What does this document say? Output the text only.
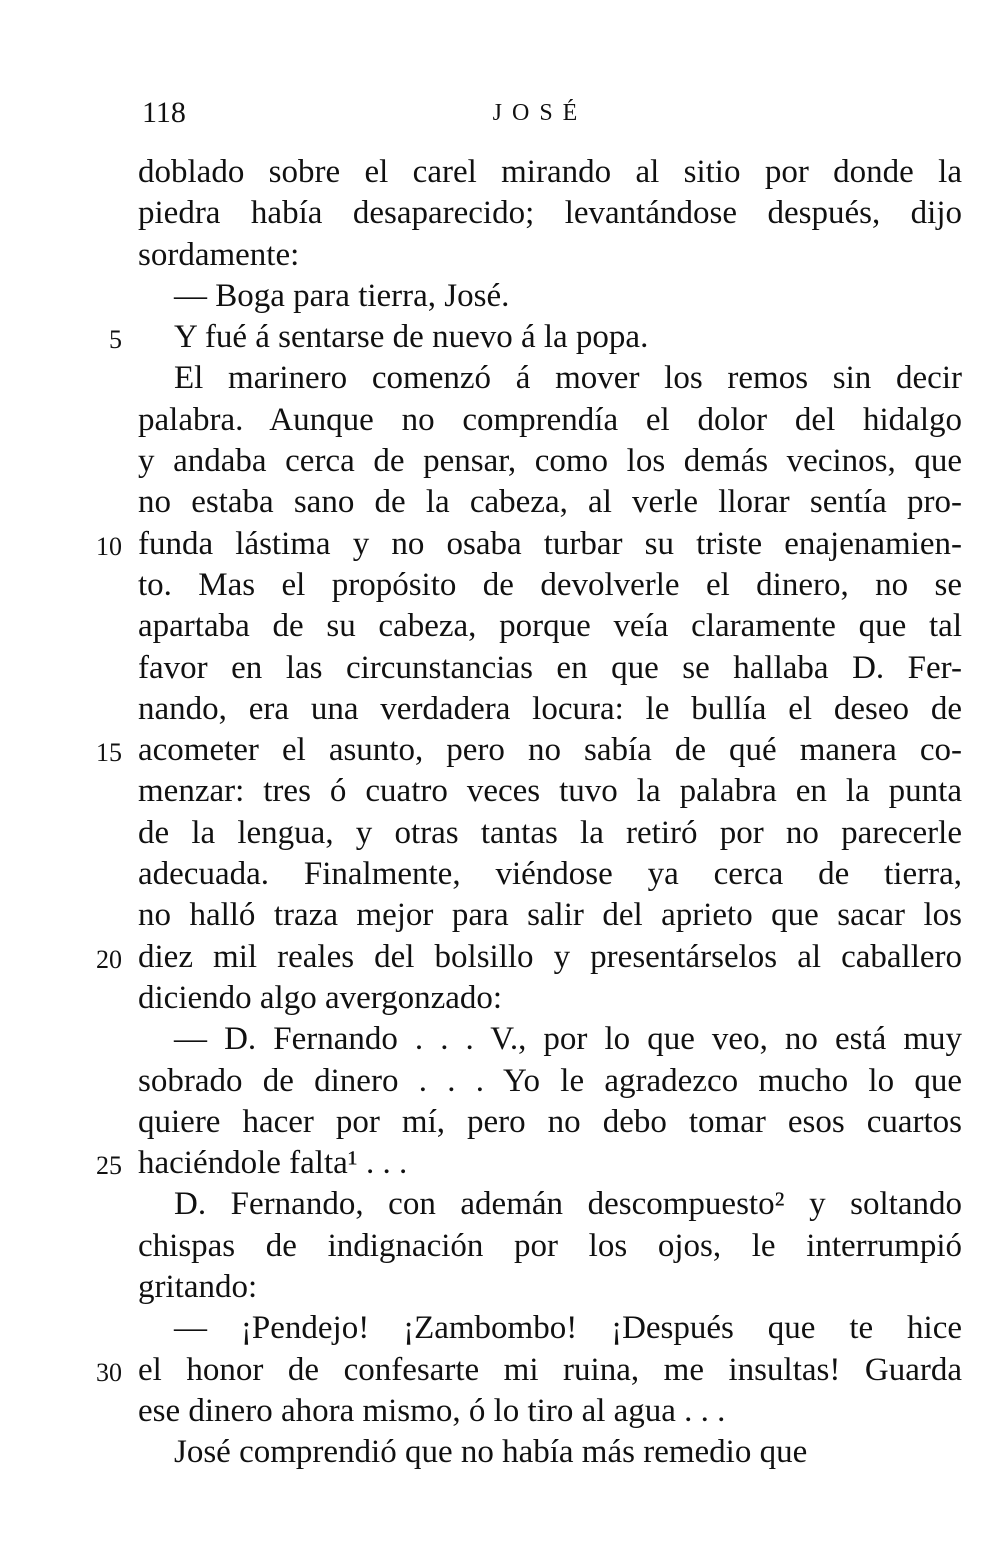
118	JOSÉ
doblado sobre el carel mirando al sitio por donde la
piedra había desaparecido; levantándose después, dijo
sordamente:
— Boga para tierra, José.
5 Y fué á sentarse de nuevo á la popa.
El marinero comenzó á mover los remos sin decir
palabra. Aunque no comprendía el dolor del hidalgo
y andaba cerca de pensar, como los demás vecinos, que
no estaba sano de la cabeza, al verle llorar sentía pro-
10 funda lástima y no osaba turbar su triste enajenamien-
to. Mas el propósito de devolverle el dinero, no se
apartaba de su cabeza, porque veía claramente que tal
favor en las circunstancias en que se hallaba D. Fer-
nando, era una verdadera locura: le bullía el deseo de
15 acometer el asunto, pero no sabía de qué manera co-
menzar: tres ó cuatro veces tuvo la palabra en la punta
de la lengua, y otras tantas la retiró por no parecerle
adecuada. Finalmente, viéndose ya cerca de tierra,
no halló traza mejor para salir del aprieto que sacar los
20 diez mil reales del bolsillo y presentárselos al caballero
diciendo algo avergonzado:
— D. Fernando . . . V., por lo que veo, no está muy
sobrado de dinero . . . Yo le agradezco mucho lo que
quiere hacer por mí, pero no debo tomar esos cuartos
25 haciéndole falta¹ . . .
D. Fernando, con ademán descompuesto² y soltando
chispas de indignación por los ojos, le interrumpió
gritando:
— ¡Pendejo! ¡Zambombo! ¡Después que te hice
30 el honor de confesarte mi ruina, me insultas! Guarda
ese dinero ahora mismo, ó lo tiro al agua . . .
José comprendió que no había más remedio que
